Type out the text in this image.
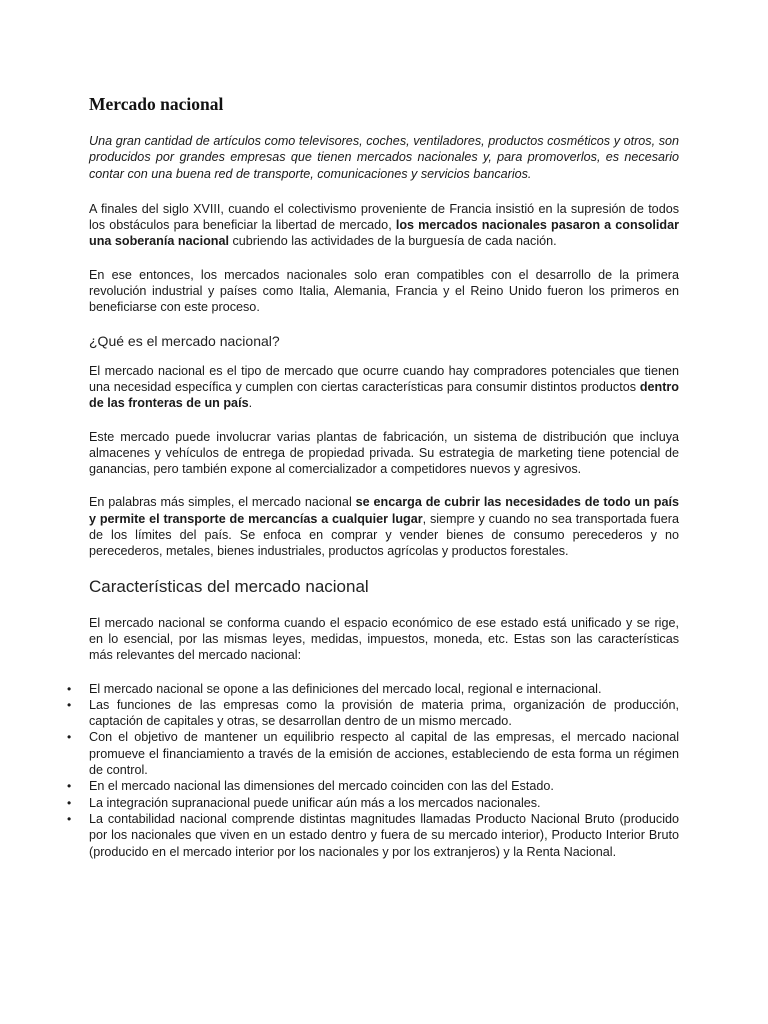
Mercado nacional

Una gran cantidad de artículos como televisores, coches, ventiladores, productos cosméticos y otros, son producidos por grandes empresas que tienen mercados nacionales y, para promoverlos, es necesario contar con una buena red de transporte, comunicaciones y servicios bancarios.

A finales del siglo XVIII, cuando el colectivismo proveniente de Francia insistió en la supresión de todos los obstáculos para beneficiar la libertad de mercado, los mercados nacionales pasaron a consolidar una soberanía nacional cubriendo las actividades de la burguesía de cada nación.

En ese entonces, los mercados nacionales solo eran compatibles con el desarrollo de la primera revolución industrial y países como Italia, Alemania, Francia y el Reino Unido fueron los primeros en beneficiarse con este proceso.

¿Qué es el mercado nacional?

El mercado nacional es el tipo de mercado que ocurre cuando hay compradores potenciales que tienen una necesidad específica y cumplen con ciertas características para consumir distintos productos dentro de las fronteras de un país.

Este mercado puede involucrar varias plantas de fabricación, un sistema de distribución que incluya almacenes y vehículos de entrega de propiedad privada. Su estrategia de marketing tiene potencial de ganancias, pero también expone al comercializador a competidores nuevos y agresivos.

En palabras más simples, el mercado nacional se encarga de cubrir las necesidades de todo un país y permite el transporte de mercancías a cualquier lugar, siempre y cuando no sea transportada fuera de los límites del país. Se enfoca en comprar y vender bienes de consumo perecederos y no perecederos, metales, bienes industriales, productos agrícolas y productos forestales.

Características del mercado nacional

El mercado nacional se conforma cuando el espacio económico de ese estado está unificado y se rige, en lo esencial, por las mismas leyes, medidas, impuestos, moneda, etc. Estas son las características más relevantes del mercado nacional:

• El mercado nacional se opone a las definiciones del mercado local, regional e internacional.
• Las funciones de las empresas como la provisión de materia prima, organización de producción, captación de capitales y otras, se desarrollan dentro de un mismo mercado.
• Con el objetivo de mantener un equilibrio respecto al capital de las empresas, el mercado nacional promueve el financiamiento a través de la emisión de acciones, estableciendo de esta forma un régimen de control.
• En el mercado nacional las dimensiones del mercado coinciden con las del Estado.
• La integración supranacional puede unificar aún más a los mercados nacionales.
• La contabilidad nacional comprende distintas magnitudes llamadas Producto Nacional Bruto (producido por los nacionales que viven en un estado dentro y fuera de su mercado interior), Producto Interior Bruto (producido en el mercado interior por los nacionales y por los extranjeros) y la Renta Nacional.
